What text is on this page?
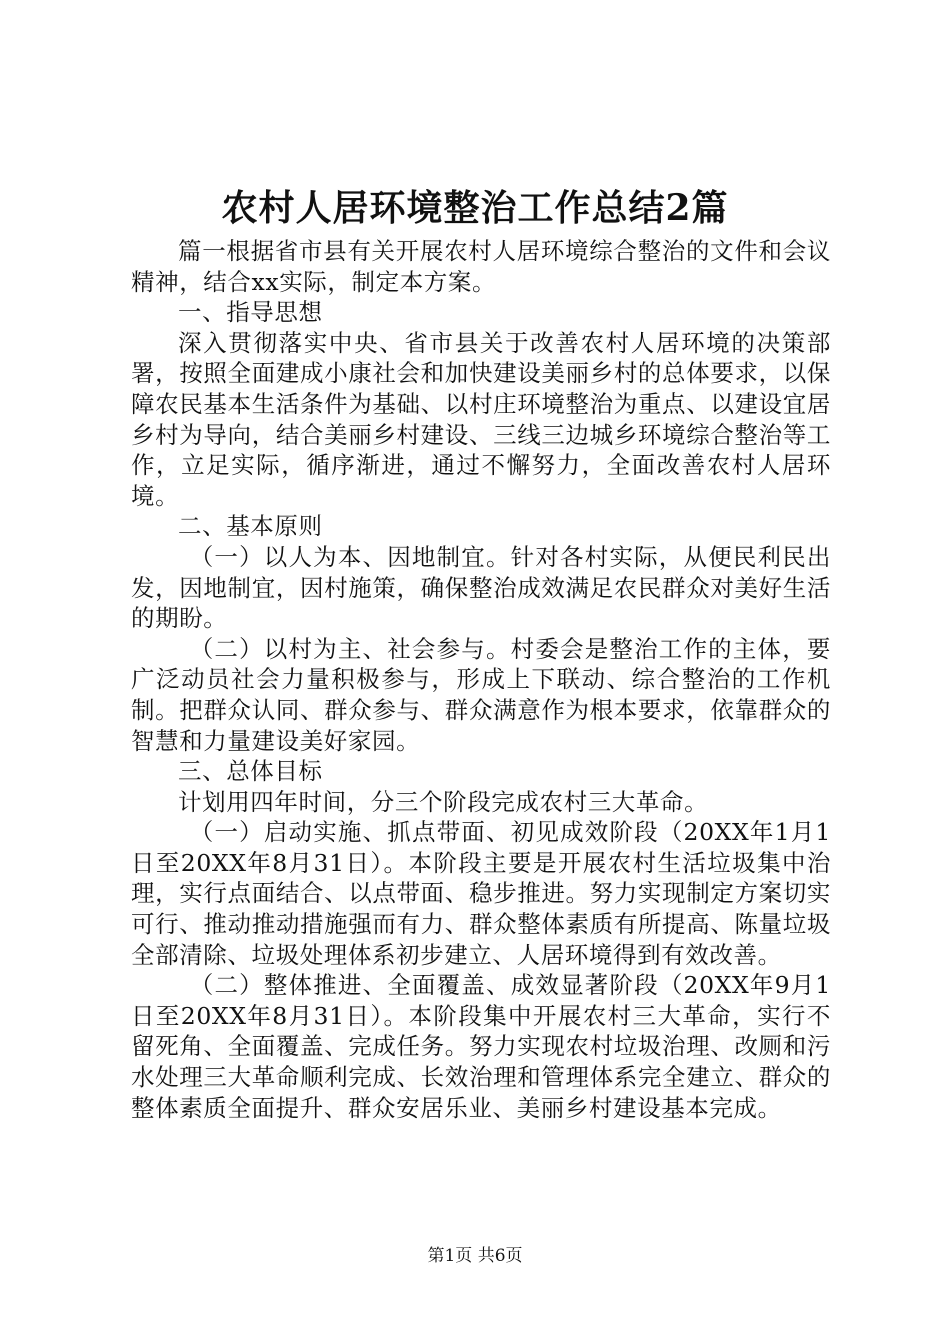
农村人居环境整治工作总结2篇

篇一根据省市县有关开展农村人居环境综合整治的文件和会议精神，结合xx实际，制定本方案。

一、指导思想

深入贯彻落实中央、省市县关于改善农村人居环境的决策部署，按照全面建成小康社会和加快建设美丽乡村的总体要求，以保障农民基本生活条件为基础、以村庄环境整治为重点、以建设宜居乡村为导向，结合美丽乡村建设、三线三边城乡环境综合整治等工作，立足实际，循序渐进，通过不懈努力，全面改善农村人居环境。

二、基本原则

（一）以人为本、因地制宜。针对各村实际，从便民利民出发，因地制宜，因村施策，确保整治成效满足农民群众对美好生活的期盼。

（二）以村为主、社会参与。村委会是整治工作的主体，要广泛动员社会力量积极参与，形成上下联动、综合整治的工作机制。把群众认同、群众参与、群众满意作为根本要求，依靠群众的智慧和力量建设美好家园。

三、总体目标

计划用四年时间，分三个阶段完成农村三大革命。

（一）启动实施、抓点带面、初见成效阶段（20XX年1月1日至20XX年8月31日）。本阶段主要是开展农村生活垃圾集中治理，实行点面结合、以点带面、稳步推进。努力实现制定方案切实可行、推动推动措施强而有力、群众整体素质有所提高、陈量垃圾全部清除、垃圾处理体系初步建立、人居环境得到有效改善。

（二）整体推进、全面覆盖、成效显著阶段（20XX年9月1日至20XX年8月31日）。本阶段集中开展农村三大革命，实行不留死角、全面覆盖、完成任务。努力实现农村垃圾治理、改厕和污水处理三大革命顺利完成、长效治理和管理体系完全建立、群众的整体素质全面提升、群众安居乐业、美丽乡村建设基本完成。

第1页 共6页
